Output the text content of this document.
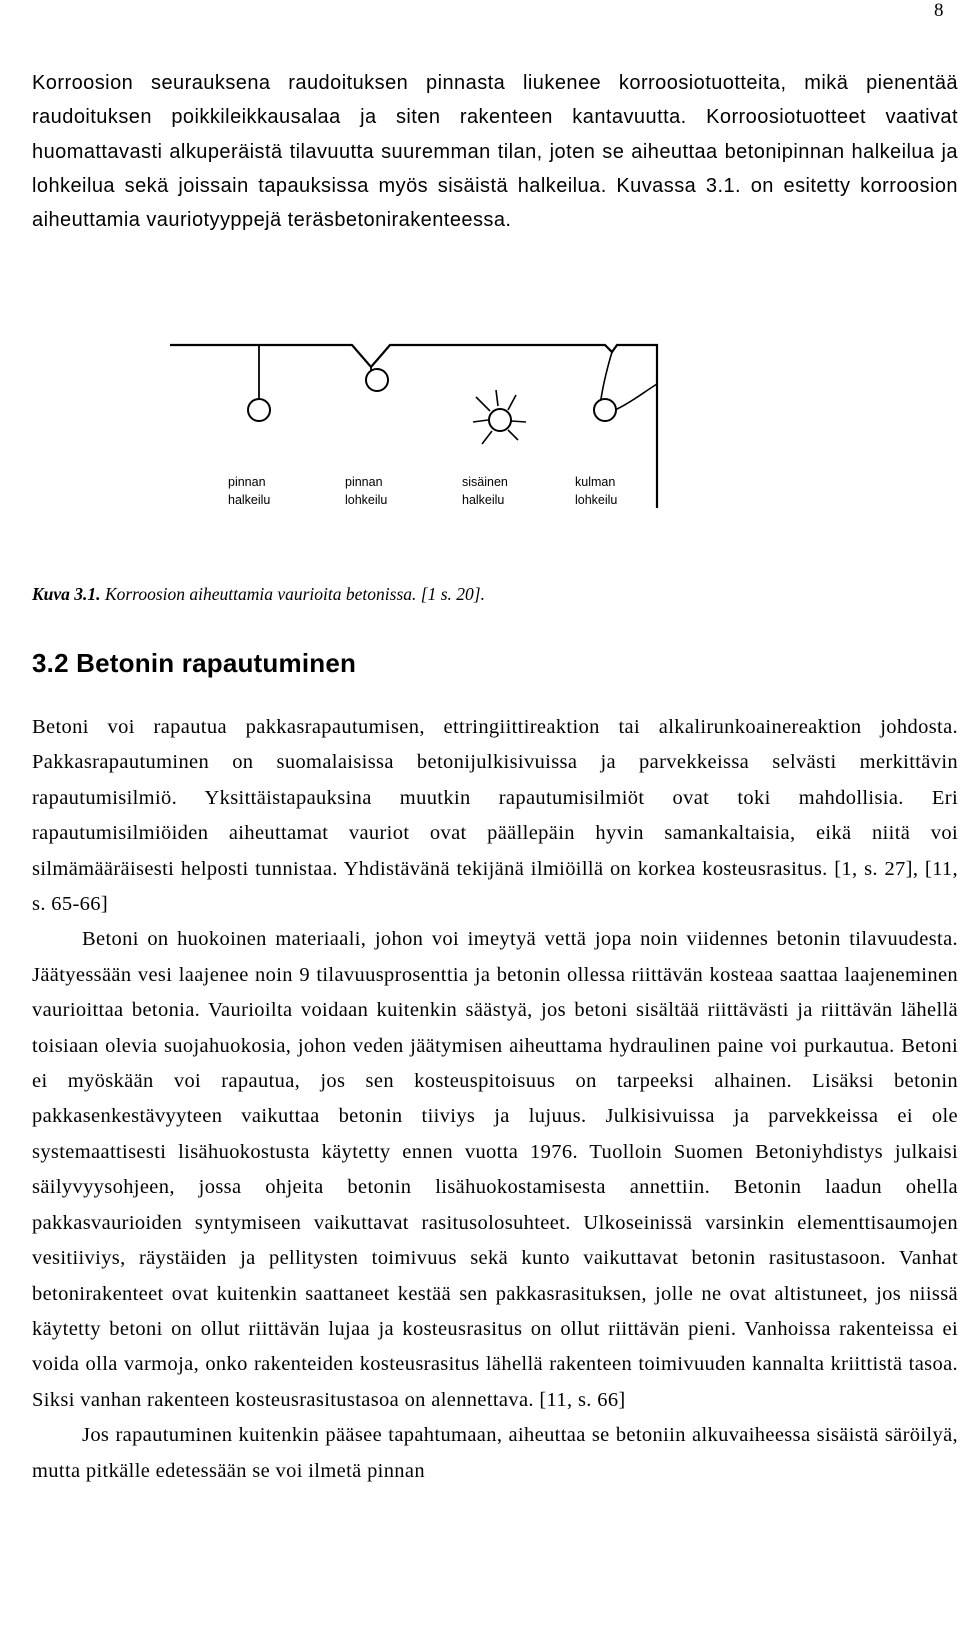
8

Korroosion seurauksena raudoituksen pinnasta liukenee korroosiotuotteita, mikä pienentää raudoituksen poikkileikkausalaa ja siten rakenteen kantavuutta. Korroosiotuotteet vaativat huomattavasti alkuperäistä tilavuutta suuremman tilan, joten se aiheuttaa betonipinnan halkeilua ja lohkeilua sekä joissain tapauksissa myös sisäistä halkeilua. Kuvassa 3.1. on esitetty korroosion aiheuttamia vauriotyyppejä teräsbetonirakenteessa.

pinnan
halkeilu
pinnan
lohkeilu
sisäinen
halkeilu
kulman
lohkeilu
Kuva 3.1. Korroosion aiheuttamia vaurioita betonissa. [1 s. 20].
3.2 Betonin rapautuminen

Betoni voi rapautua pakkasrapautumisen, ettringiittireaktion tai alkalirunkoainereaktion johdosta. Pakkasrapautuminen on suomalaisissa betonijulkisivuissa ja parvekkeissa selvästi merkittävin rapautumisilmiö. Yksittäistapauksina muutkin rapautumisilmiöt ovat toki mahdollisia. Eri rapautumisilmiöiden aiheuttamat vauriot ovat päällepäin hyvin samankaltaisia, eikä niitä voi silmämääräisesti helposti tunnistaa. Yhdistävänä tekijänä ilmiöillä on korkea kosteusrasitus. [1, s. 27], [11, s. 65-66]

Betoni on huokoinen materiaali, johon voi imeytyä vettä jopa noin viidennes betonin tilavuudesta. Jäätyessään vesi laajenee noin 9 tilavuusprosenttia ja betonin ollessa riittävän kosteaa saattaa laajeneminen vaurioittaa betonia. Vaurioilta voidaan kuitenkin säästyä, jos betoni sisältää riittävästi ja riittävän lähellä toisiaan olevia suojahuokosia, johon veden jäätymisen aiheuttama hydraulinen paine voi purkautua. Betoni ei myöskään voi rapautua, jos sen kosteuspitoisuus on tarpeeksi alhainen. Lisäksi betonin pakkasenkestävyyteen vaikuttaa betonin tiiviys ja lujuus. Julkisivuissa ja parvekkeissa ei ole systemaattisesti lisähuokostusta käytetty ennen vuotta 1976. Tuolloin Suomen Betoniyhdistys julkaisi säilyvyysohjeen, jossa ohjeita betonin lisähuokostamisesta annettiin. Betonin laadun ohella pakkasvaurioiden syntymiseen vaikuttavat rasitusolosuhteet. Ulkoseinissä varsinkin elementtisaumojen vesitiiviys, räystäiden ja pellitysten toimivuus sekä kunto vaikuttavat betonin rasitustasoon. Vanhat betonirakenteet ovat kuitenkin saattaneet kestää sen pakkasrasituksen, jolle ne ovat altistuneet, jos niissä käytetty betoni on ollut riittävän lujaa ja kosteusrasitus on ollut riittävän pieni. Vanhoissa rakenteissa ei voida olla varmoja, onko rakenteiden kosteusrasitus lähellä rakenteen toimivuuden kannalta kriittistä tasoa. Siksi vanhan rakenteen kosteusrasitustasoa on alennettava. [11, s. 66]

Jos rapautuminen kuitenkin pääsee tapahtumaan, aiheuttaa se betoniin alkuvaiheessa sisäistä säröilyä, mutta pitkälle edetessään se voi ilmetä pinnan
